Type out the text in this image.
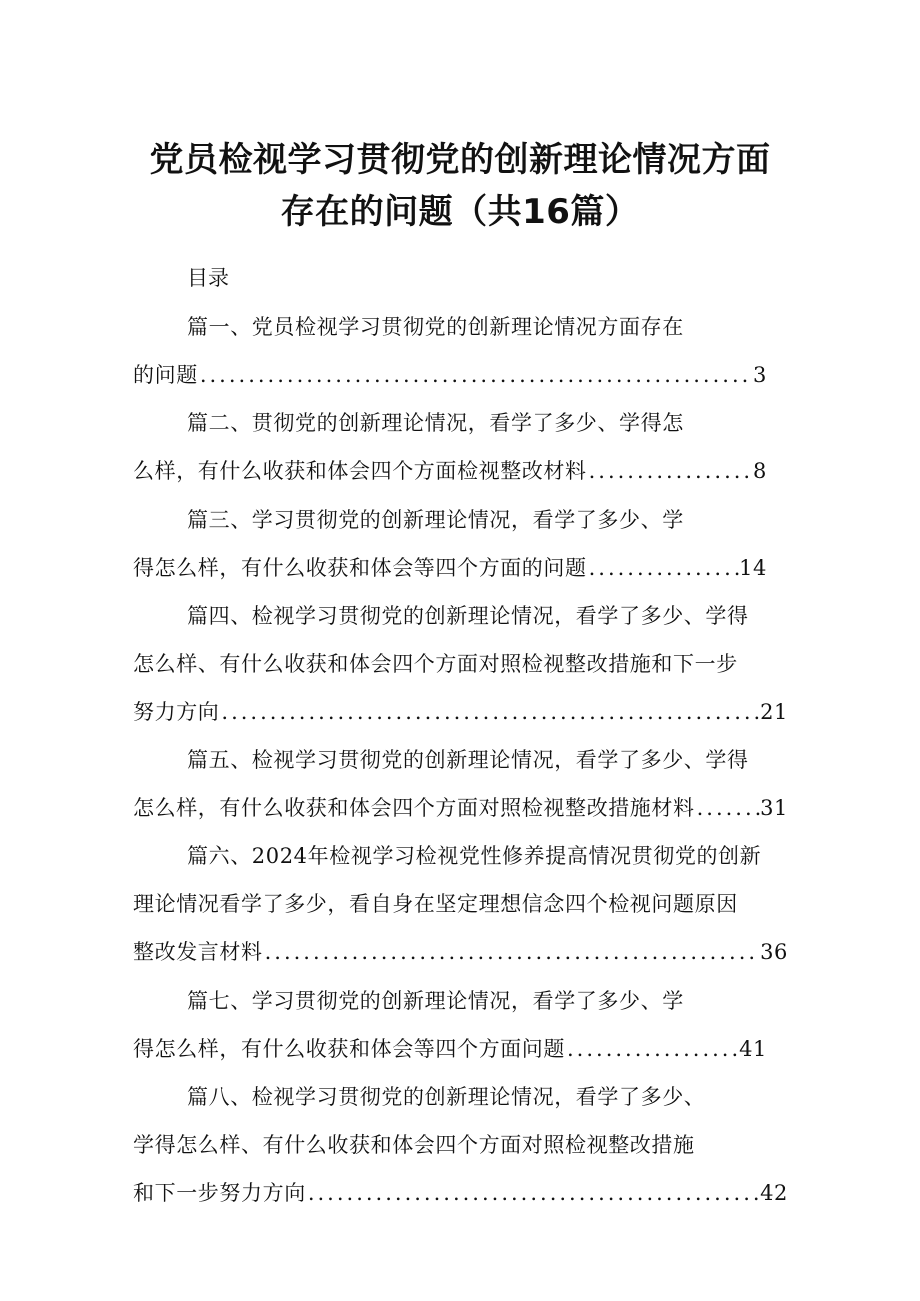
党员检视学习贯彻党的创新理论情况方面
存在的问题（共16篇）
目录
篇一、党员检视学习贯彻党的创新理论情况方面存在
的问题 .....	3
篇二、贯彻党的创新理论情况，看学了多少、学得怎
么样，有什么收获和体会四个方面检视整改材料 .....	8
篇三、学习贯彻党的创新理论情况，看学了多少、学
得怎么样，有什么收获和体会等四个方面的问题 .....	14
篇四、检视学习贯彻党的创新理论情况，看学了多少、学得
怎么样、有什么收获和体会四个方面对照检视整改措施和下一步
努力方向 .....	21
篇五、检视学习贯彻党的创新理论情况，看学了多少、学得
怎么样，有什么收获和体会四个方面对照检视整改措施材料 .....	31
篇六、2024年检视学习检视党性修养提高情况贯彻党的创新
理论情况看学了多少，看自身在坚定理想信念四个检视问题原因
整改发言材料 .....	36
篇七、学习贯彻党的创新理论情况，看学了多少、学
得怎么样，有什么收获和体会等四个方面问题 .....	41
篇八、检视学习贯彻党的创新理论情况，看学了多少、
学得怎么样、有什么收获和体会四个方面对照检视整改措施
和下一步努力方向 .....	42
